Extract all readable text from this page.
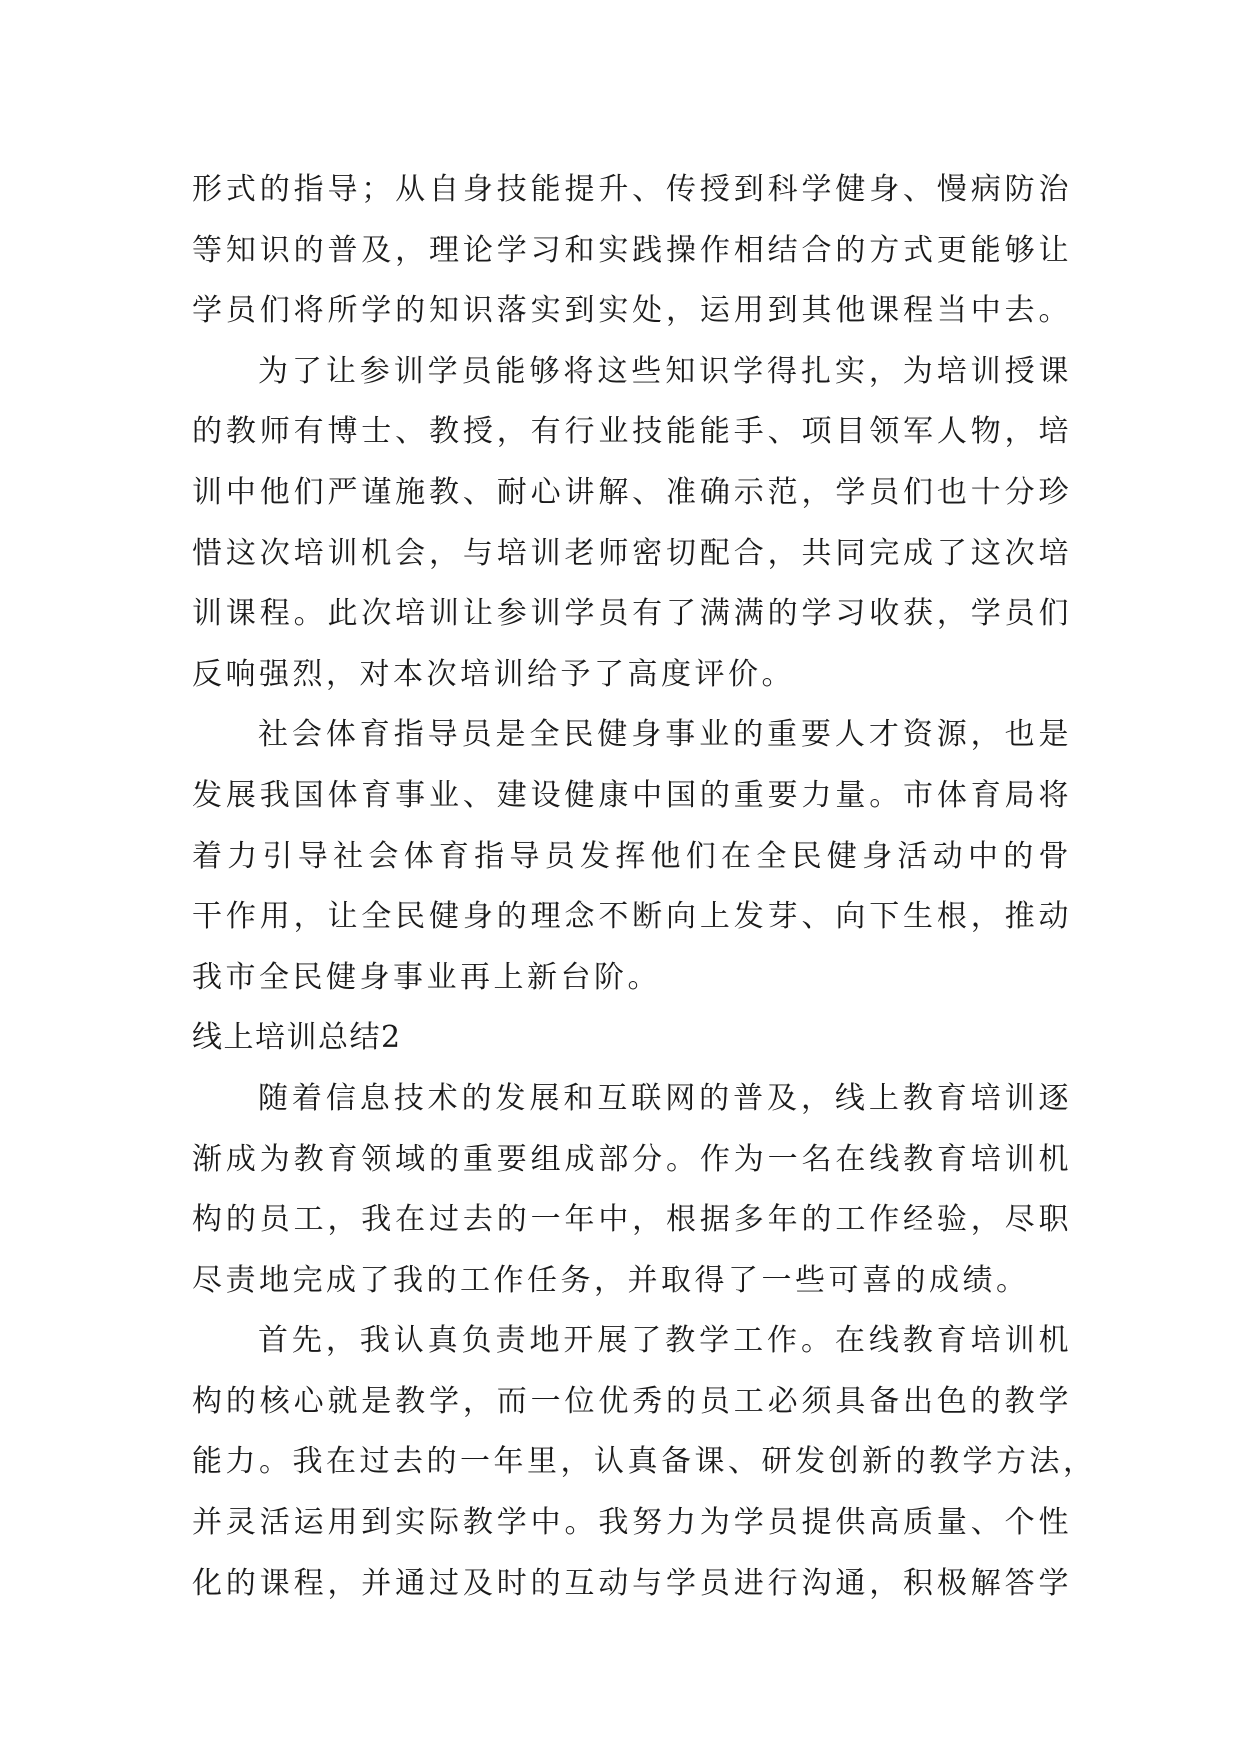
形式的指导；从自身技能提升、传授到科学健身、慢病防治
等知识的普及，理论学习和实践操作相结合的方式更能够让
学员们将所学的知识落实到实处，运用到其他课程当中去。
为了让参训学员能够将这些知识学得扎实，为培训授课
的教师有博士、教授，有行业技能能手、项目领军人物，培
训中他们严谨施教、耐心讲解、准确示范，学员们也十分珍
惜这次培训机会，与培训老师密切配合，共同完成了这次培
训课程。此次培训让参训学员有了满满的学习收获，学员们
反响强烈，对本次培训给予了高度评价。
社会体育指导员是全民健身事业的重要人才资源，也是
发展我国体育事业、建设健康中国的重要力量。市体育局将
着力引导社会体育指导员发挥他们在全民健身活动中的骨
干作用，让全民健身的理念不断向上发芽、向下生根，推动
我市全民健身事业再上新台阶。
线上培训总结2
随着信息技术的发展和互联网的普及，线上教育培训逐
渐成为教育领域的重要组成部分。作为一名在线教育培训机
构的员工，我在过去的一年中，根据多年的工作经验，尽职
尽责地完成了我的工作任务，并取得了一些可喜的成绩。
首先，我认真负责地开展了教学工作。在线教育培训机
构的核心就是教学，而一位优秀的员工必须具备出色的教学
能力。我在过去的一年里，认真备课、研发创新的教学方法，
并灵活运用到实际教学中。我努力为学员提供高质量、个性
化的课程，并通过及时的互动与学员进行沟通，积极解答学
